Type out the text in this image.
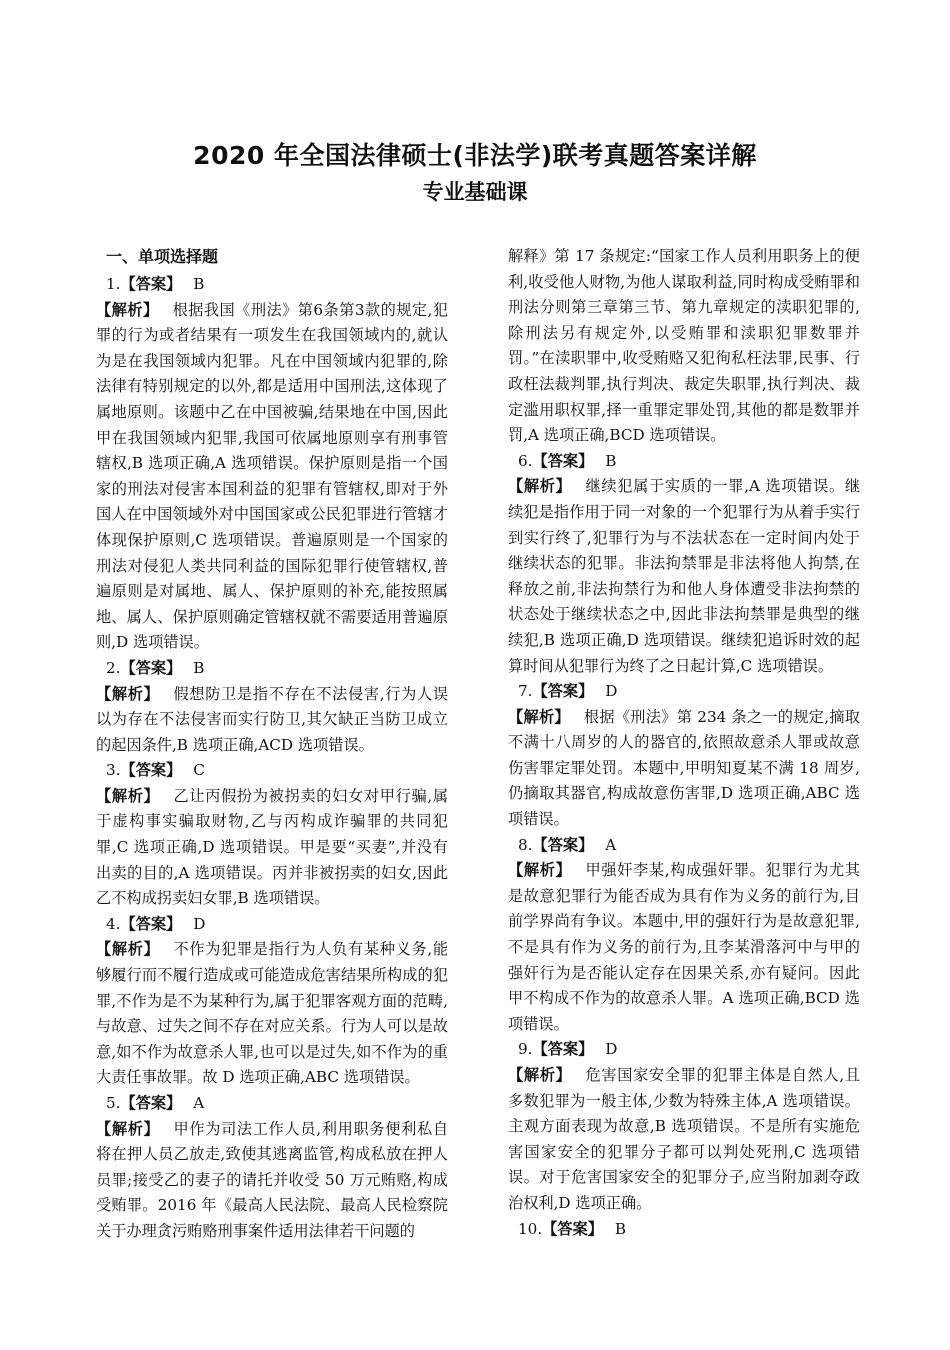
2020 年全国法律硕士(非法学)联考真题答案详解
专业基础课
一、单项选择题

1.【答案】 B

【解析】 根据我国《刑法》第6条第3款的规定,犯罪的行为或者结果有一项发生在我国领域内的,就认为是在我国领域内犯罪。凡在中国领域内犯罪的,除法律有特别规定的以外,都是适用中国刑法,这体现了属地原则。该题中乙在中国被骗,结果地在中国,因此甲在我国领域内犯罪,我国可依属地原则享有刑事管辖权,B 选项正确,A 选项错误。保护原则是指一个国家的刑法对侵害本国利益的犯罪有管辖权,即对于外国人在中国领域外对中国国家或公民犯罪进行管辖才体现保护原则,C 选项错误。普遍原则是一个国家的刑法对侵犯人类共同利益的国际犯罪行使管辖权,普遍原则是对属地、属人、保护原则的补充,能按照属地、属人、保护原则确定管辖权就不需要适用普遍原则,D 选项错误。

2.【答案】 B

【解析】 假想防卫是指不存在不法侵害,行为人误以为存在不法侵害而实行防卫,其欠缺正当防卫成立的起因条件,B 选项正确,ACD 选项错误。

3.【答案】 C

【解析】 乙让丙假扮为被拐卖的妇女对甲行骗,属于虚构事实骗取财物,乙与丙构成诈骗罪的共同犯罪,C 选项正确,D 选项错误。甲是要“买妻”,并没有出卖的目的,A 选项错误。丙并非被拐卖的妇女,因此乙不构成拐卖妇女罪,B 选项错误。

4.【答案】 D

【解析】 不作为犯罪是指行为人负有某种义务,能够履行而不履行造成或可能造成危害结果所构成的犯罪,不作为是不为某种行为,属于犯罪客观方面的范畴,与故意、过失之间不存在对应关系。行为人可以是故意,如不作为故意杀人罪,也可以是过失,如不作为的重大责任事故罪。故 D 选项正确,ABC 选项错误。

5.【答案】 A

【解析】 甲作为司法工作人员,利用职务便利私自将在押人员乙放走,致使其逃离监管,构成私放在押人员罪;接受乙的妻子的请托并收受 50 万元贿赂,构成受贿罪。2016 年《最高人民法院、最高人民检察院关于办理贪污贿赂刑事案件适用法律若干问题的

解释》第 17 条规定:“国家工作人员利用职务上的便利,收受他人财物,为他人谋取利益,同时构成受贿罪和刑法分则第三章第三节、第九章规定的渎职犯罪的,除刑法另有规定外,以受贿罪和渎职犯罪数罪并罚。”在渎职罪中,收受贿赂又犯徇私枉法罪,民事、行政枉法裁判罪,执行判决、裁定失职罪,执行判决、裁定滥用职权罪,择一重罪定罪处罚,其他的都是数罪并罚,A 选项正确,BCD 选项错误。

6.【答案】 B

【解析】 继续犯属于实质的一罪,A 选项错误。继续犯是指作用于同一对象的一个犯罪行为从着手实行到实行终了,犯罪行为与不法状态在一定时间内处于继续状态的犯罪。非法拘禁罪是非法将他人拘禁,在释放之前,非法拘禁行为和他人身体遭受非法拘禁的状态处于继续状态之中,因此非法拘禁罪是典型的继续犯,B 选项正确,D 选项错误。继续犯追诉时效的起算时间从犯罪行为终了之日起计算,C 选项错误。

7.【答案】 D

【解析】 根据《刑法》第 234 条之一的规定,摘取不满十八周岁的人的器官的,依照故意杀人罪或故意伤害罪定罪处罚。本题中,甲明知夏某不满 18 周岁,仍摘取其器官,构成故意伤害罪,D 选项正确,ABC 选项错误。

8.【答案】 A

【解析】 甲强奸李某,构成强奸罪。犯罪行为尤其是故意犯罪行为能否成为具有作为义务的前行为,目前学界尚有争议。本题中,甲的强奸行为是故意犯罪,不是具有作为义务的前行为,且李某滑落河中与甲的强奸行为是否能认定存在因果关系,亦有疑问。因此甲不构成不作为的故意杀人罪。A 选项正确,BCD 选项错误。

9.【答案】 D

【解析】 危害国家安全罪的犯罪主体是自然人,且多数犯罪为一般主体,少数为特殊主体,A 选项错误。主观方面表现为故意,B 选项错误。不是所有实施危害国家安全的犯罪分子都可以判处死刑,C 选项错误。对于危害国家安全的犯罪分子,应当附加剥夺政治权利,D 选项正确。

10.【答案】 B
